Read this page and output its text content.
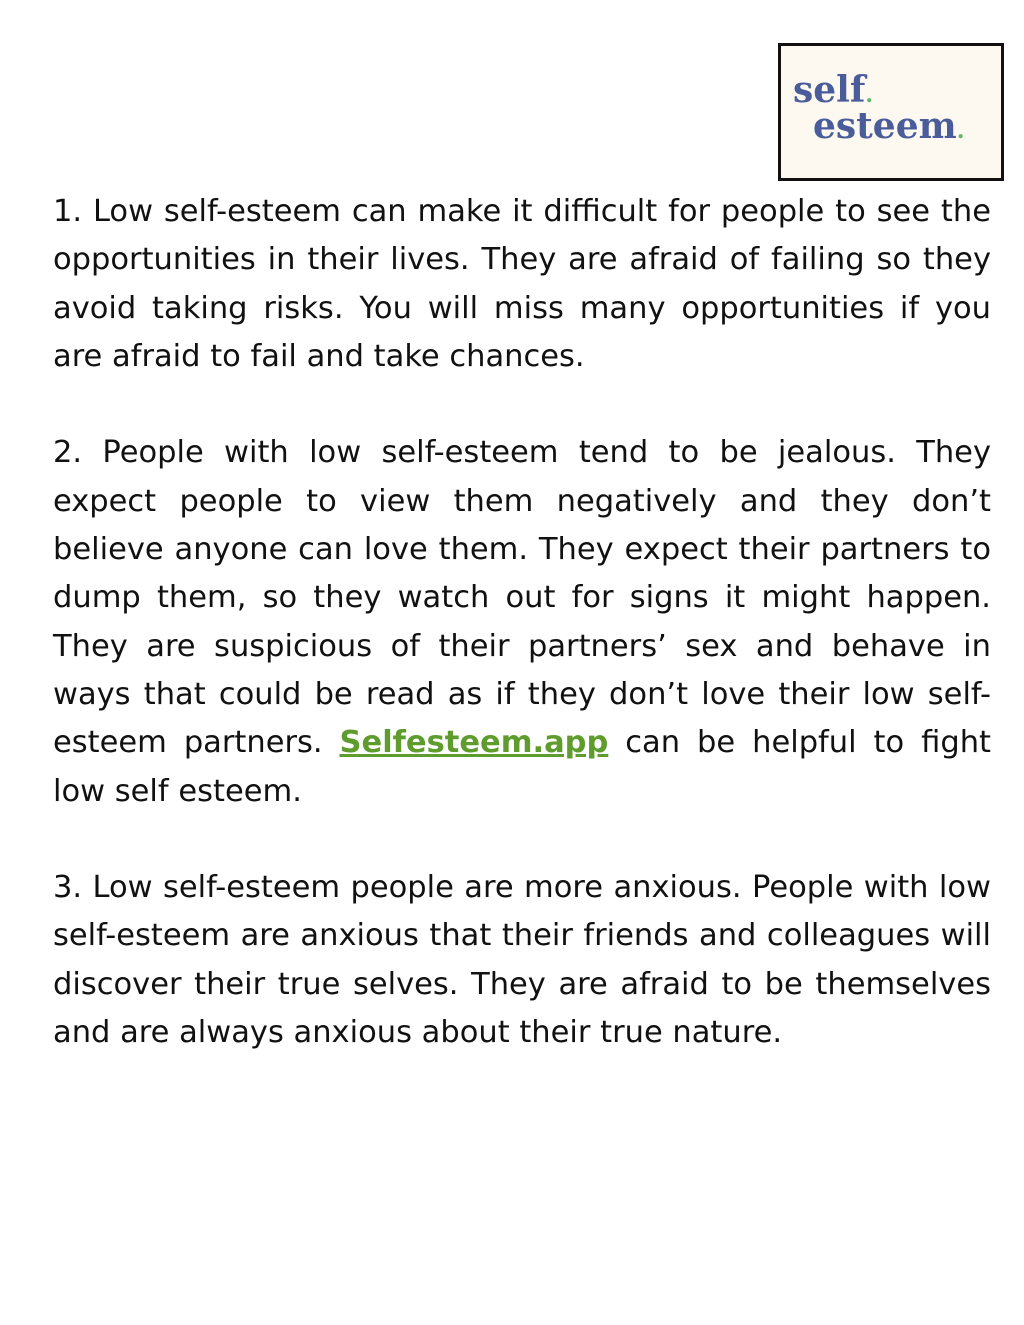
self.
esteem.

1. Low self-esteem can make it difficult for people to see the opportunities in their lives. They are afraid of failing so they avoid taking risks. You will miss many opportunities if you are afraid to fail and take chances.

2. People with low self-esteem tend to be jealous. They expect people to view them negatively and they don’t believe anyone can love them. They expect their partners to dump them, so they watch out for signs it might happen. They are suspicious of their partners’ sex and behave in ways that could be read as if they don’t love their low self-esteem partners. Selfesteem.app can be helpful to fight low self esteem.

3. Low self-esteem people are more anxious. People with low self-esteem are anxious that their friends and colleagues will discover their true selves. They are afraid to be themselves and are always anxious about their true nature.
